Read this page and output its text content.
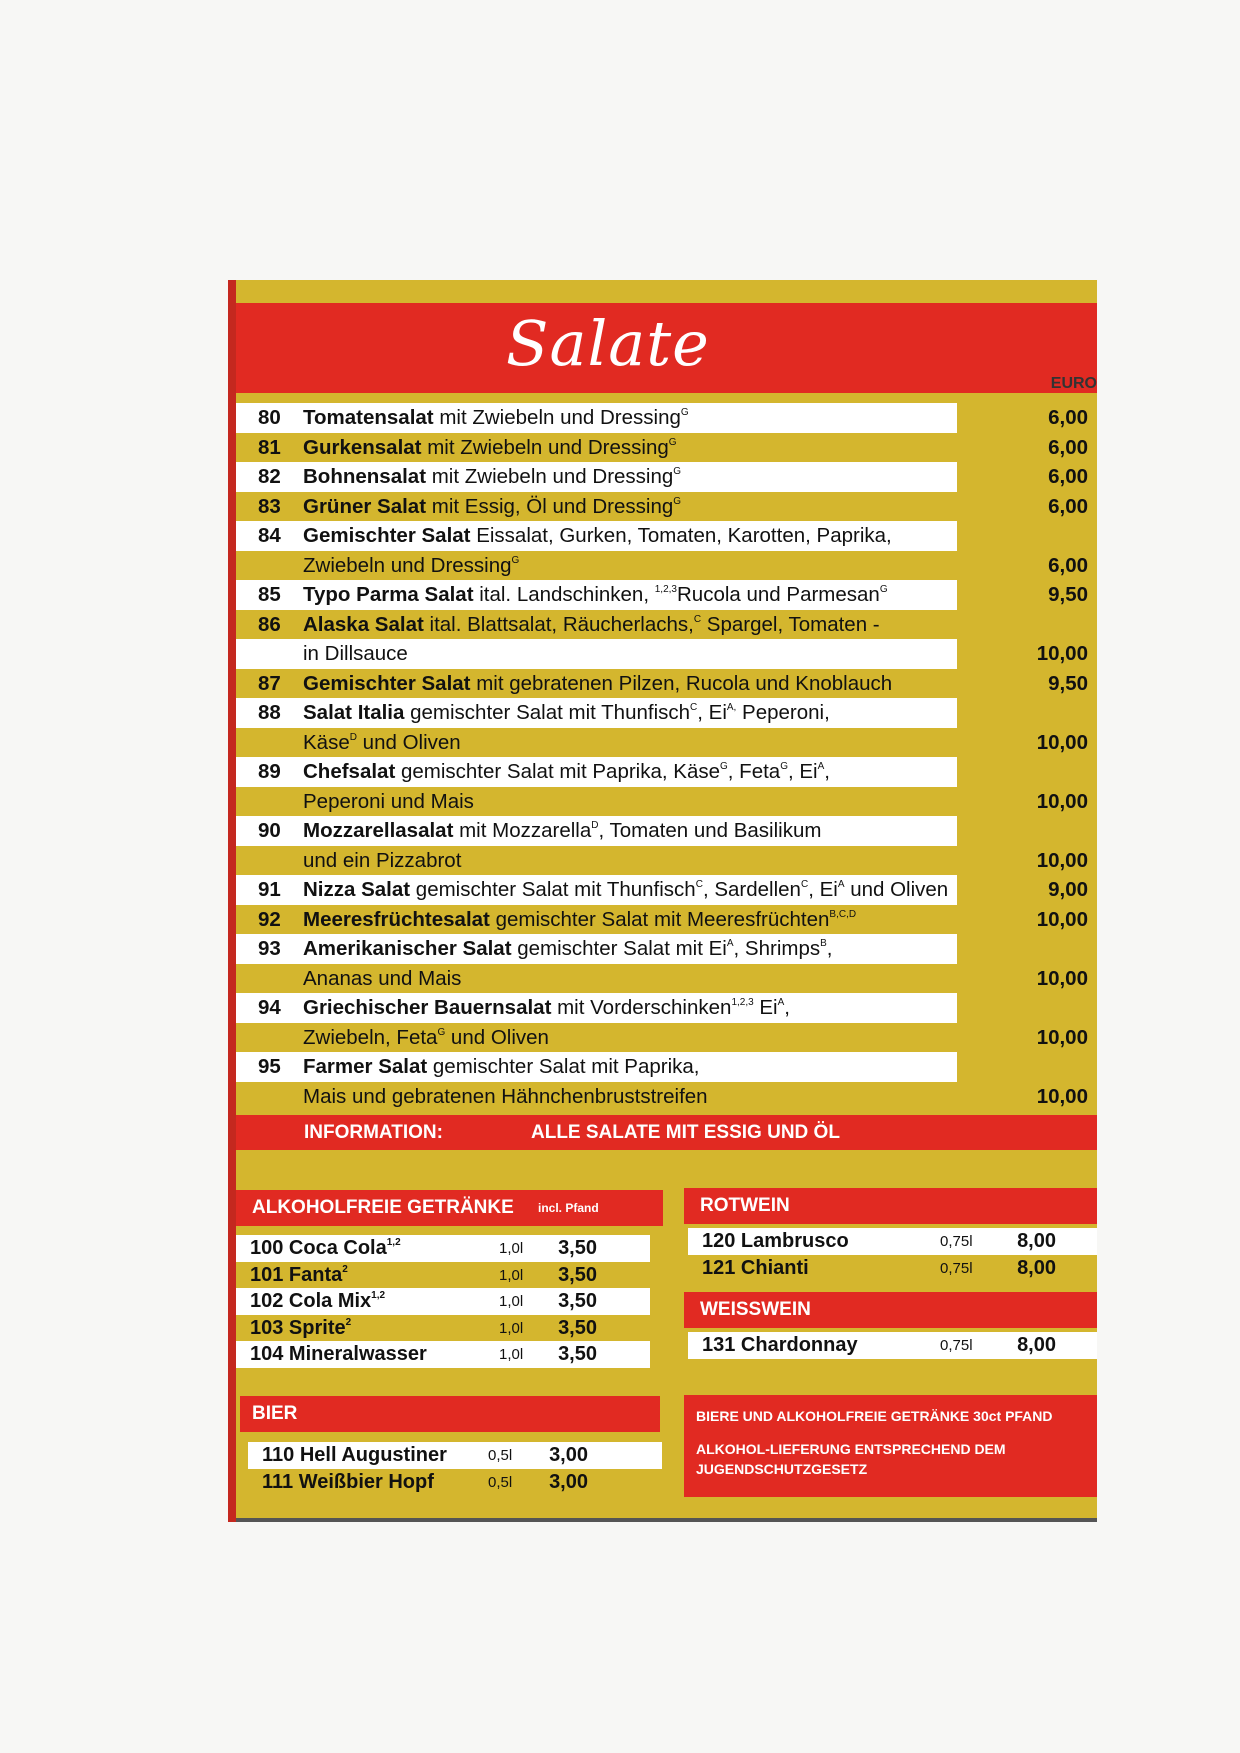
Salate
EURO
80	Tomatensalat mit Zwiebeln und Dressing$^G$	6,00
81	Gurkensalat mit Zwiebeln und Dressing$^G$	6,00
82	Bohnensalat mit Zwiebeln und Dressing$^G$	6,00
83	Grüner Salat mit Essig, Öl und Dressing$^G$	6,00
84	Gemischter Salat Eissalat, Gurken, Tomaten, Karotten, Paprika,
Zwiebeln und Dressing$^G$	6,00
85	Typo Parma Salat ital. Landschinken, $^{1,2,3}$Rucola und Parmesan$^G$	9,50
86	Alaska Salat ital. Blattsalat, Räucherlachs,$^C$ Spargel, Tomaten -
in Dillsauce	10,00
87	Gemischter Salat mit gebratenen Pilzen, Rucola und Knoblauch	9,50
88	Salat Italia gemischter Salat mit Thunfisch$^C$, $Ei^{A,}$ Peperoni,
Käse$^D$ und Oliven	10,00
89	Chefsalat gemischter Salat mit Paprika, Käse$^G$, Feta$^G$, $Ei^A$,
Peperoni und Mais	10,00
90	Mozzarellasalat mit Mozzarella$^D$, Tomaten und Basilikum
und ein Pizzabrot	10,00
91	Nizza Salat gemischter Salat mit Thunfisch$^C$, Sardellen$^C$, $Ei^A$ und Oliven	9,00
92	Meeresfrüchtesalat gemischter Salat mit Meeresfrüchten$^{B,C,D}$	10,00
93	Amerikanischer Salat gemischter Salat mit $Ei^A$, Shrimps$^B$,
Ananas und Mais	10,00
94	Griechischer Bauernsalat mit Vorderschinken$^{1,2,3}$ $Ei^A$,
Zwiebeln, Feta$^G$ und Oliven	10,00
95	Farmer Salat gemischter Salat mit Paprika,
Mais und gebratenen Hähnchenbruststreifen	10,00
INFORMATION:	ALLE SALATE MIT ESSIG UND ÖL
ALKOHOLFREIE GETRÄNKE incl. Pfand
100 Coca Cola$^{1,2}$	1,0l	3,50
101 Fanta$^2$	1,0l	3,50
102 Cola Mix$^{1,2}$	1,0l	3,50
103 Sprite$^2$	1,0l	3,50
104 Mineralwasser	1,0l	3,50
BIER
110 Hell Augustiner	0,5l	3,00
111 Weißbier Hopf	0,5l	3,00
ROTWEIN
120 Lambrusco	0,75l	8,00
121 Chianti	0,75l	8,00
WEISSWEIN
131 Chardonnay	0,75l	8,00

BIERE UND ALKOHOLFREIE GETRÄNKE 30ct PFAND

ALKOHOL-LIEFERUNG ENTSPRECHEND DEM

JUGENDSCHUTZGESETZ
